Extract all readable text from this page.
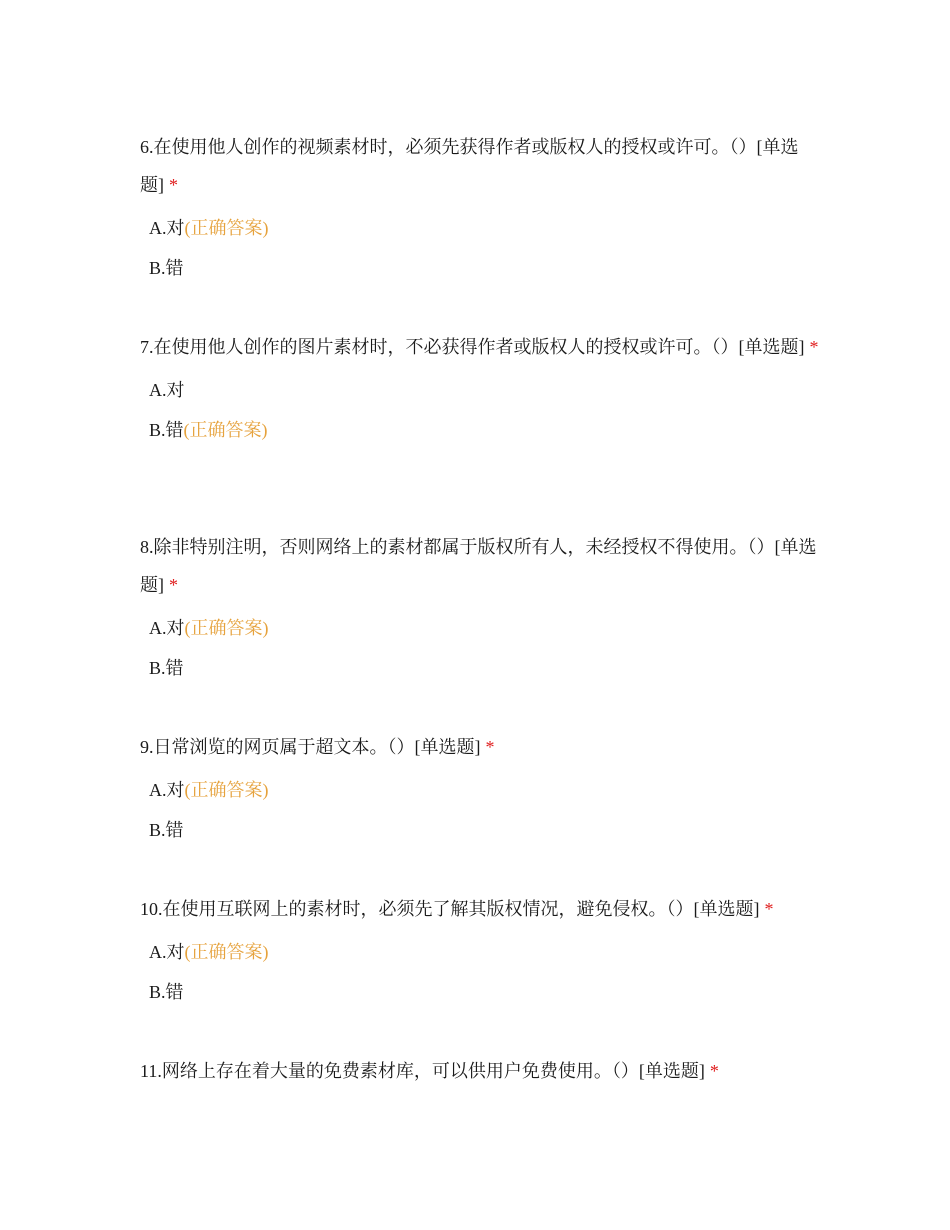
6.在使用他人创作的视频素材时，必须先获得作者或版权人的授权或许可。（）[单选题] *

A.对(正确答案)
B.错

7.在使用他人创作的图片素材时，不必获得作者或版权人的授权或许可。（）[单选题] *

A.对
B.错(正确答案)

8.除非特别注明，否则网络上的素材都属于版权所有人，未经授权不得使用。（）[单选题] *

A.对(正确答案)
B.错

9.日常浏览的网页属于超文本。（）[单选题] *

A.对(正确答案)
B.错

10.在使用互联网上的素材时，必须先了解其版权情况，避免侵权。（）[单选题] *

A.对(正确答案)
B.错

11.网络上存在着大量的免费素材库，可以供用户免费使用。（）[单选题] *
